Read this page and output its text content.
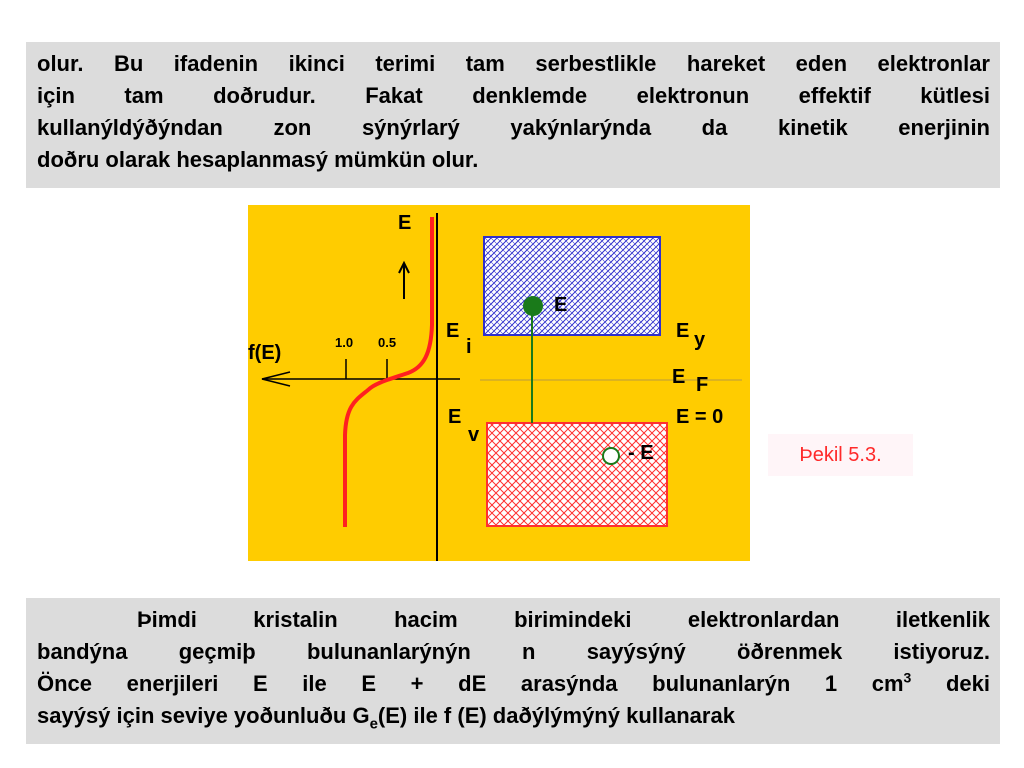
olur. Bu ifadenin ikinci terimi tam serbestlikle hareket eden elektronlar
için tam doðrudur. Fakat denklemde elektronun effektif kütlesi
kullanýldýðýndan zon sýnýrlarý yakýnlarýnda da kinetik enerjinin
doðru olarak hesaplanmasý mümkün olur.
E
f(E)	1.0 0.5
E
i
E
E y
E F
E
v
E = 0
- E	Þekil 5.3.
Þimdi kristalin hacim birimindeki elektronlardan iletkenlik
bandýna geçmiþ bulunanlarýnýn n sayýsýný öðrenmek istiyoruz.
Önce enerjileri E ile E + dE arasýnda bulunanlarýn 1 $cm^3$ deki
sayýsý için seviye yoðunluðu $G_e(E)$ ile f (E) daðýlýmýný kullanarak
